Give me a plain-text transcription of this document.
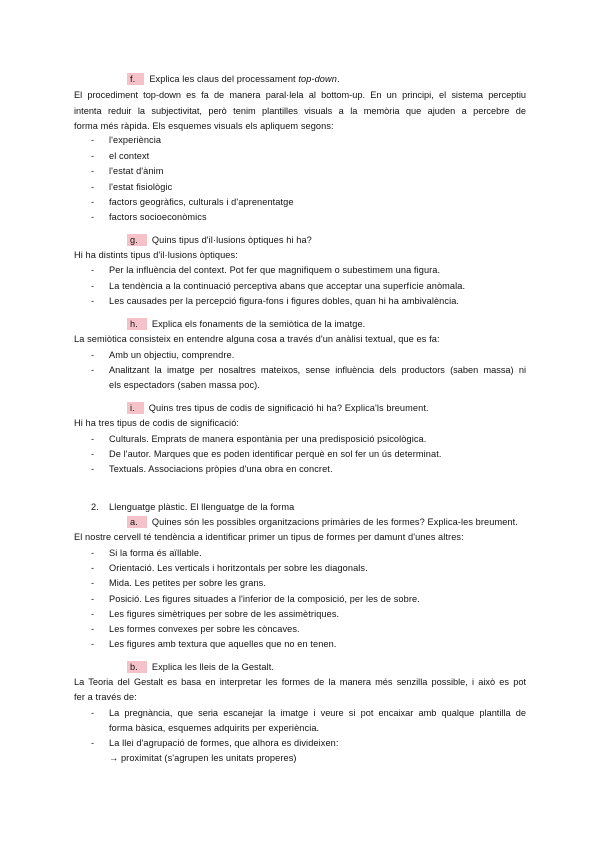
f. Explica les claus del processament top-down.
El procediment top-down es fa de manera paral·lela al bottom-up. En un principi, el sistema perceptiu
intenta reduir la subjectivitat, però tenim plantilles visuals a la memòria que ajuden a percebre de
forma més ràpida. Els esquemes visuals els apliquem segons:
- l'experiència
- el context
- l'estat d'ànim
- l'estat fisiològic
- factors geogràfics, culturals i d'aprenentatge
- factors socioeconòmics
g. Quins tipus d'il·lusions òptiques hi ha?
Hi ha distints tipus d'il·lusions òptiques:
- Per la influència del context. Pot fer que magnifiquem o subestimem una figura.
- La tendència a la continuació perceptiva abans que acceptar una superfície anòmala.
- Les causades per la percepció figura-fons i figures dobles, quan hi ha ambivalència.
h. Explica els fonaments de la semiòtica de la imatge.
La semiòtica consisteix en entendre alguna cosa a través d'un anàlisi textual, que es fa:
- Amb un objectiu, comprendre.
- Analitzant la imatge per nosaltres mateixos, sense influència dels productors (saben massa) ni
els espectadors (saben massa poc).
i. Quins tres tipus de codis de significació hi ha? Explica'ls breument.
Hi ha tres tipus de codis de significació:
- Culturals. Emprats de manera espontània per una predisposició psicològica.
- De l'autor. Marques que es poden identificar perquè en sol fer un ús determinat.
- Textuals. Associacions pròpies d'una obra en concret.
2. Llenguatge plàstic. El llenguatge de la forma
a. Quines són les possibles organitzacions primàries de les formes? Explica-les breument.
El nostre cervell té tendència a identificar primer un tipus de formes per damunt d'unes altres:
- Si la forma és aïllable.
- Orientació. Les verticals i horitzontals per sobre les diagonals.
- Mida. Les petites per sobre les grans.
- Posició. Les figures situades a l'inferior de la composició, per les de sobre.
- Les figures simètriques per sobre de les assimètriques.
- Les formes convexes per sobre les còncaves.
- Les figures amb textura que aquelles que no en tenen.
b. Explica les lleis de la Gestalt.
La Teoria del Gestalt es basa en interpretar les formes de la manera més senzilla possible, i això es pot
fer a través de:
- La pregnància, que seria escanejar la imatge i veure si pot encaixar amb qualque plantilla de
forma bàsica, esquemes adquirits per experiència.
- La llei d'agrupació de formes, que alhora es divideixen:
→ proximitat (s'agrupen les unitats properes)
